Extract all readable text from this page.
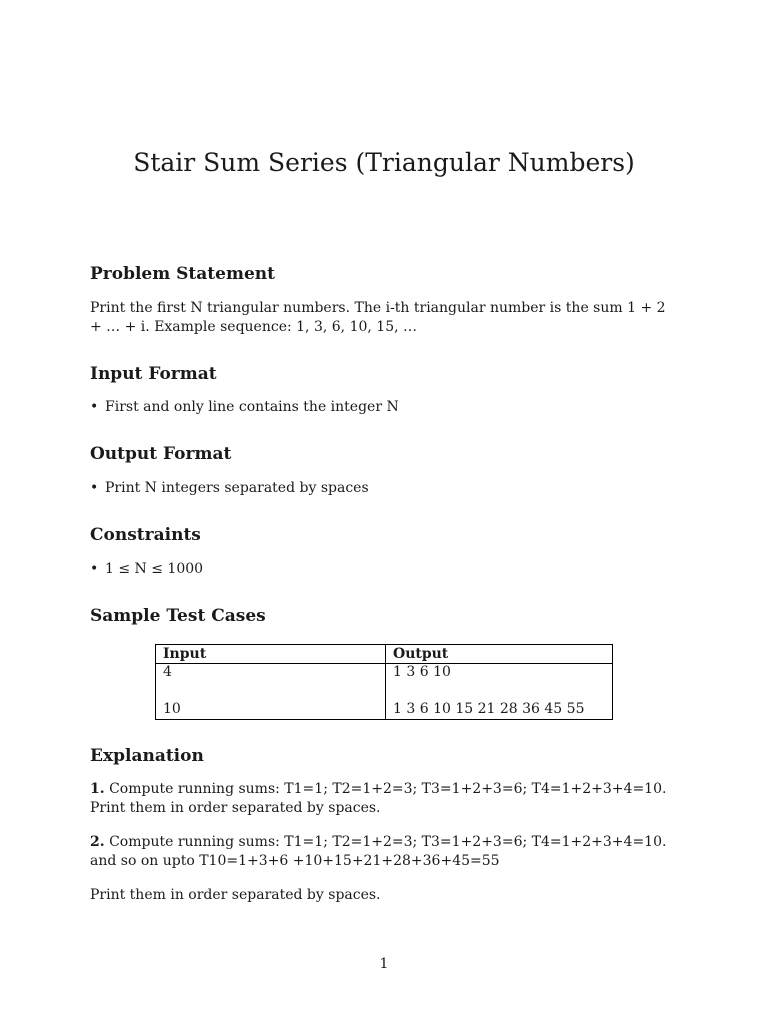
Stair Sum Series (Triangular Numbers)
Problem Statement

Print the first N triangular numbers. The i-th triangular number is the sum 1 + 2 + … + i. Example sequence: 1, 3, 6, 10, 15, …

Input Format
• First and only line contains the integer N
Output Format
• Print N integers separated by spaces
Constraints
• 1 ≤ N ≤ 1000
Sample Test Cases
Input	Output
4	1 3 6 10
10	1 3 6 10 15 21 28 36 45 55
Explanation

1. Compute running sums: T1=1; T2=1+2=3; T3=1+2+3=6; T4=1+2+3+4=10. Print them in order separated by spaces.

2. Compute running sums: T1=1; T2=1+2=3; T3=1+2+3=6; T4=1+2+3+4=10. and so on upto T10=1+3+6 +10+15+21+28+36+45=55

Print them in order separated by spaces.

1
